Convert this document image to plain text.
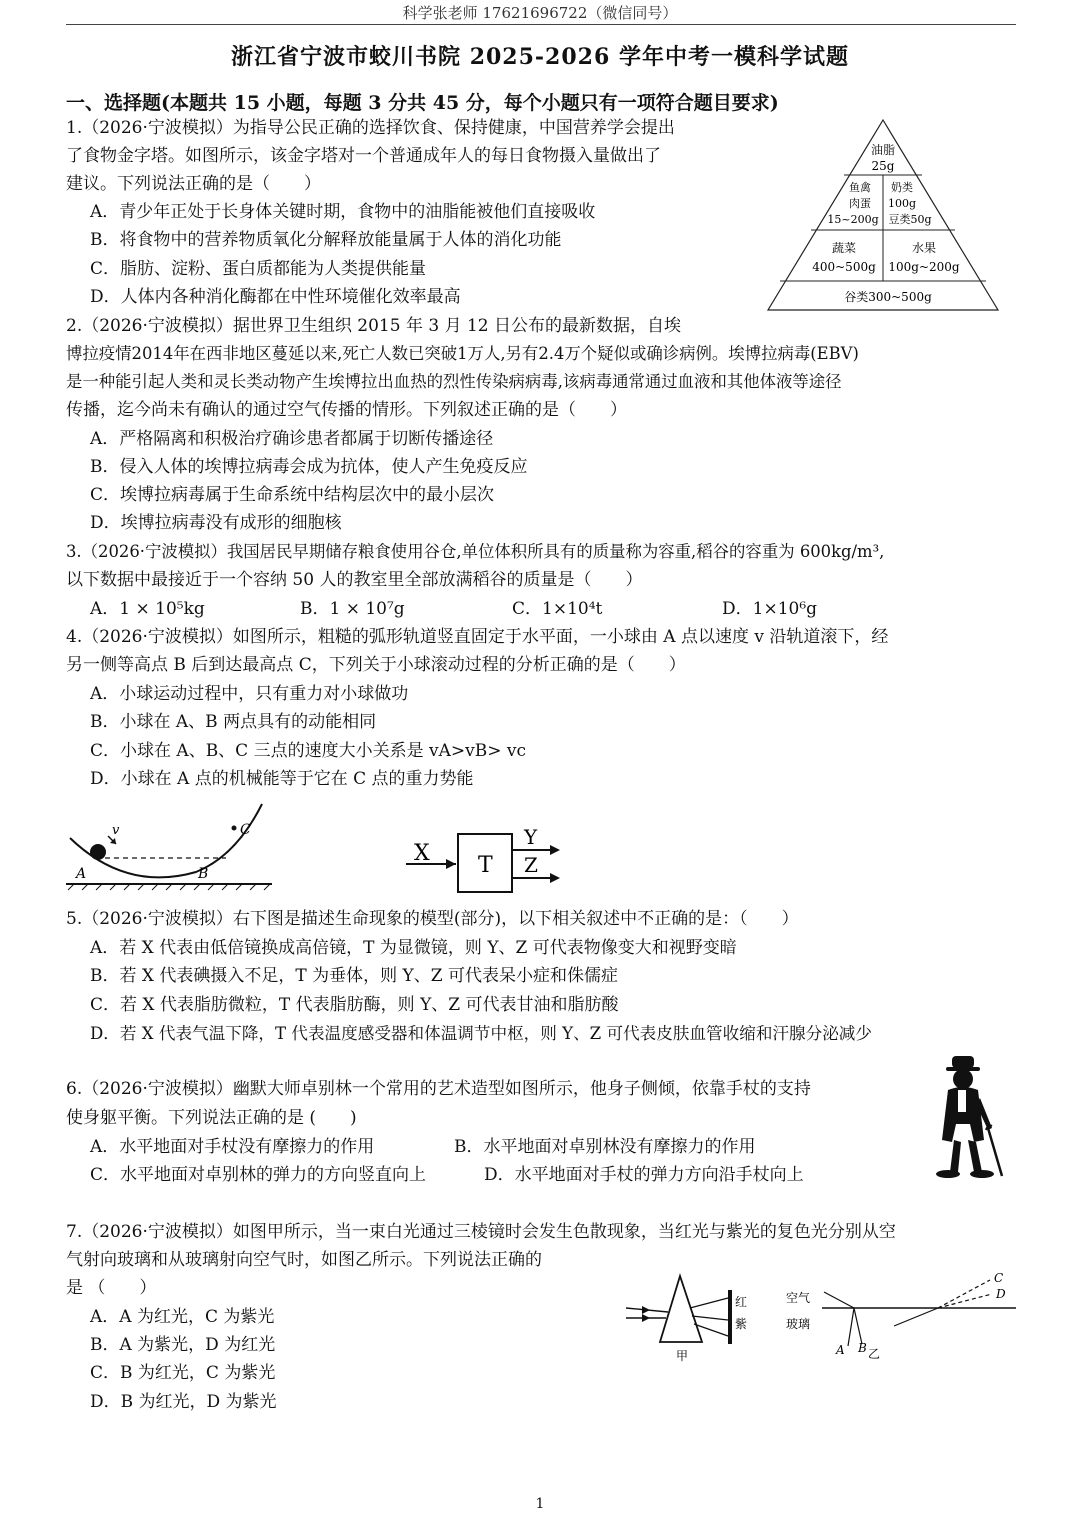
科学张老师 17621696722（微信同号）
浙江省宁波市蛟川书院 2025-2026 学年中考一模科学试题
一、选择题(本题共 15 小题，每题 3 分共 45 分，每个小题只有一项符合题目要求)
1.（2026·宁波模拟）为指导公民正确的选择饮食、保持健康，中国营养学会提出
了食物金字塔。如图所示，该金字塔对一个普通成年人的每日食物摄入量做出了
建议。下列说法正确的是（　　）
A．青少年正处于长身体关键时期，食物中的油脂能被他们直接吸收
B．将食物中的营养物质氧化分解释放能量属于人体的消化功能
C．脂肪、淀粉、蛋白质都能为人类提供能量
D．人体内各种消化酶都在中性环境催化效率最高
油脂
25g
鱼禽
肉蛋
15~200g
奶类
100g
豆类50g
蔬菜
400~500g
水果
100g~200g
谷类300~500g
2.（2026·宁波模拟）据世界卫生组织 2015 年 3 月 12 日公布的最新数据，自埃
博拉疫情2014年在西非地区蔓延以来,死亡人数已突破1万人,另有2.4万个疑似或确诊病例。埃博拉病毒(EBV)
是一种能引起人类和灵长类动物产生埃博拉出血热的烈性传染病病毒,该病毒通常通过血液和其他体液等途径
传播，迄今尚未有确认的通过空气传播的情形。下列叙述正确的是（　　）
A．严格隔离和积极治疗确诊患者都属于切断传播途径
B．侵入人体的埃博拉病毒会成为抗体，使人产生免疫反应
C．埃博拉病毒属于生命系统中结构层次中的最小层次
D．埃博拉病毒没有成形的细胞核
3.（2026·宁波模拟）我国居民早期储存粮食使用谷仓,单位体积所具有的质量称为容重,稻谷的容重为 600kg/m³,
以下数据中最接近于一个容纳 50 人的教室里全部放满稻谷的质量是（　　）
A．1 × 10⁵kg	B．1 × 10⁷g	C．1×10⁴t	D．1×10⁶g
4.（2026·宁波模拟）如图所示，粗糙的弧形轨道竖直固定于水平面，一小球由 A 点以速度 v 沿轨道滚下，经
另一侧等高点 B 后到达最高点 C，下列关于小球滚动过程的分析正确的是（　　）
A．小球运动过程中，只有重力对小球做功
B．小球在 A、B 两点具有的动能相同
C．小球在 A、B、C 三点的速度大小关系是 vA>vB> vc
D．小球在 A 点的机械能等于它在 C 点的重力势能
v
A	B
C
X T
Y
Z
5.（2026·宁波模拟）右下图是描述生命现象的模型(部分)，以下相关叙述中不正确的是：（　　）
A．若 X 代表由低倍镜换成高倍镜，T 为显微镜，则 Y、Z 可代表物像变大和视野变暗
B．若 X 代表碘摄入不足，T 为垂体，则 Y、Z 可代表呆小症和侏儒症
C．若 X 代表脂肪微粒，T 代表脂肪酶，则 Y、Z 可代表甘油和脂肪酸
D．若 X 代表气温下降，T 代表温度感受器和体温调节中枢，则 Y、Z 可代表皮肤血管收缩和汗腺分泌减少
6.（2026·宁波模拟）幽默大师卓别林一个常用的艺术造型如图所示，他身子侧倾，依靠手杖的支持
使身躯平衡。下列说法正确的是 (　　)
A．水平地面对手杖没有摩擦力的作用	B．水平地面对卓别林没有摩擦力的作用
C．水平地面对卓别林的弹力的方向竖直向上	D．水平地面对手杖的弹力方向沿手杖向上
7.（2026·宁波模拟）如图甲所示，当一束白光通过三棱镜时会发生色散现象，当红光与紫光的复色光分别从空
气射向玻璃和从玻璃射向空气时，如图乙所示。下列说法正确的
是 （　　）
A．A 为红光，C 为紫光
B．A 为紫光，D 为红光
C．B 为红光，C 为紫光
D．B 为红光，D 为紫光
红
紫
甲
空气
玻璃
A B 乙
C
D
1
